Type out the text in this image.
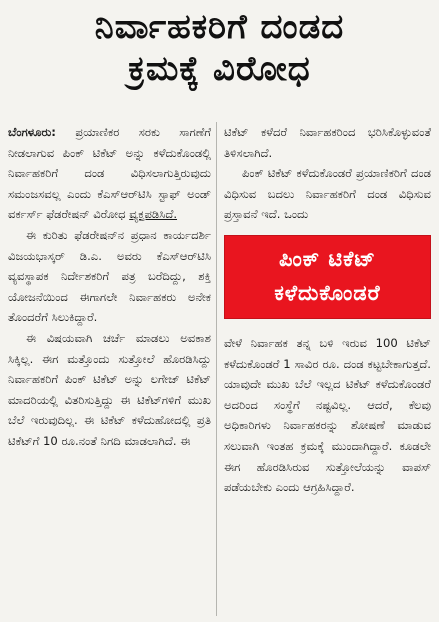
ನಿರ್ವಾಹಕರಿಗೆ ದಂಡದ
ಕ್ರಮಕ್ಕೆ ವಿರೋಧ

ಬೆಂಗಳೂರು: ಪ್ರಯಾಣಿಕರ ಸರಕು ಸಾಗಣೆಗೆ ನೀಡಲಾಗುವ ಪಿಂಕ್ ಟಿಕೆಟ್ ಅನ್ನು ಕಳೆದುಕೊಂಡಲ್ಲಿ ನಿರ್ವಾಹಕರಿಗೆ ದಂಡ ವಿಧಿಸಲಾಗುತ್ತಿರುವುದು ಸಮಂಜಸವಲ್ಲ ಎಂದು ಕೆಎಸ್‌ಆರ್‌ಟಿಸಿ ಸ್ಟಾಫ್ ಅಂಡ್ ವರ್ಕರ್ಸ್ ಫೆಡರೇಷನ್ ವಿರೋಧ ವ್ಯಕ್ತಪಡಿಸಿದೆ.

ಈ ಕುರಿತು ಫೆಡರೇಷನ್‌ನ ಪ್ರಧಾನ ಕಾರ್ಯದರ್ಶಿ ವಿಜಯಭಾಸ್ಕರ್ ಡಿ.ಎ. ಅವರು ಕೆಎಸ್‌ಆರ್‌ಟಿಸಿ ವ್ಯವಸ್ಥಾಪಕ ನಿರ್ದೇಶಕರಿಗೆ ಪತ್ರ ಬರೆದಿದ್ದು, ಶಕ್ತಿ ಯೋಜನೆಯಿಂದ ಈಗಾಗಲೇ ನಿರ್ವಾಹಕರು ಅನೇಕ ತೊಂದರೆಗೆ ಸಿಲುಕಿದ್ದಾರೆ.

ಈ ವಿಷಯವಾಗಿ ಚರ್ಚೆ ಮಾಡಲು ಅವಕಾಶ ಸಿಕ್ಕಿಲ್ಲ. ಈಗ ಮತ್ತೊಂದು ಸುತ್ತೋಲೆ ಹೊರಡಿಸಿದ್ದು ನಿರ್ವಾಹಕರಿಗೆ ಪಿಂಕ್ ಟಿಕೆಟ್ ಅನ್ನು ಲಗೇಜ್ ಟಿಕೆಟ್ ಮಾದರಿಯಲ್ಲಿ ವಿತರಿಸುತ್ತಿದ್ದು ಈ ಟಿಕೆಟ್‌ಗಳಿಗೆ ಮುಖ ಬೆಲೆ ಇರುವುದಿಲ್ಲ. ಈ ಟಿಕೆಟ್ ಕಳೆದುಹೋದಲ್ಲಿ ಪ್ರತಿ ಟಿಕೆಟ್‌ಗೆ 10 ರೂ.ನಂತೆ ನಿಗದಿ ಮಾಡಲಾಗಿದೆ. ಈ

ಟಿಕೆಟ್ ಕಳೆದರೆ ನಿರ್ವಾಹಕರಿಂದ ಭರಿಸಿಕೊಳ್ಳುವಂತೆ ತಿಳಿಸಲಾಗಿದೆ.

ಪಿಂಕ್ ಟಿಕೆಟ್ ಕಳೆದುಕೊಂಡರೆ ಪ್ರಯಾಣಿಕರಿಗೆ ದಂಡ ವಿಧಿಸುವ ಬದಲು ನಿರ್ವಾಹಕರಿಗೆ ದಂಡ ವಿಧಿಸುವ ಪ್ರಸ್ತಾವನೆ ಇದೆ. ಒಂದು

ಪಿಂಕ್ ಟಿಕೆಟ್
ಕಳೆದುಕೊಂಡರೆ

ವೇಳೆ ನಿರ್ವಾಹಕ ತನ್ನ ಬಳಿ ಇರುವ 100 ಟಿಕೆಟ್ ಕಳೆದುಕೊಂಡರೆ 1 ಸಾವಿರ ರೂ. ದಂಡ ಕಟ್ಟಬೇಕಾಗುತ್ತದೆ. ಯಾವುದೇ ಮುಖ ಬೆಲೆ ಇಲ್ಲದ ಟಿಕೆಟ್ ಕಳೆದುಕೊಂಡರೆ ಅದರಿಂದ ಸಂಸ್ಥೆಗೆ ನಷ್ಟವಿಲ್ಲ. ಆದರೆ, ಕೆಲವು ಅಧಿಕಾರಿಗಳು ನಿರ್ವಾಹಕರನ್ನು ಶೋಷಣೆ ಮಾಡುವ ಸಲುವಾಗಿ ಇಂತಹ ಕ್ರಮಕ್ಕೆ ಮುಂದಾಗಿದ್ದಾರೆ. ಕೂಡಲೇ ಈಗ ಹೊರಡಿಸಿರುವ ಸುತ್ತೋಲೆಯನ್ನು ವಾಪಸ್ ಪಡೆಯಬೇಕು ಎಂದು ಆಗ್ರಹಿಸಿದ್ದಾರೆ.
